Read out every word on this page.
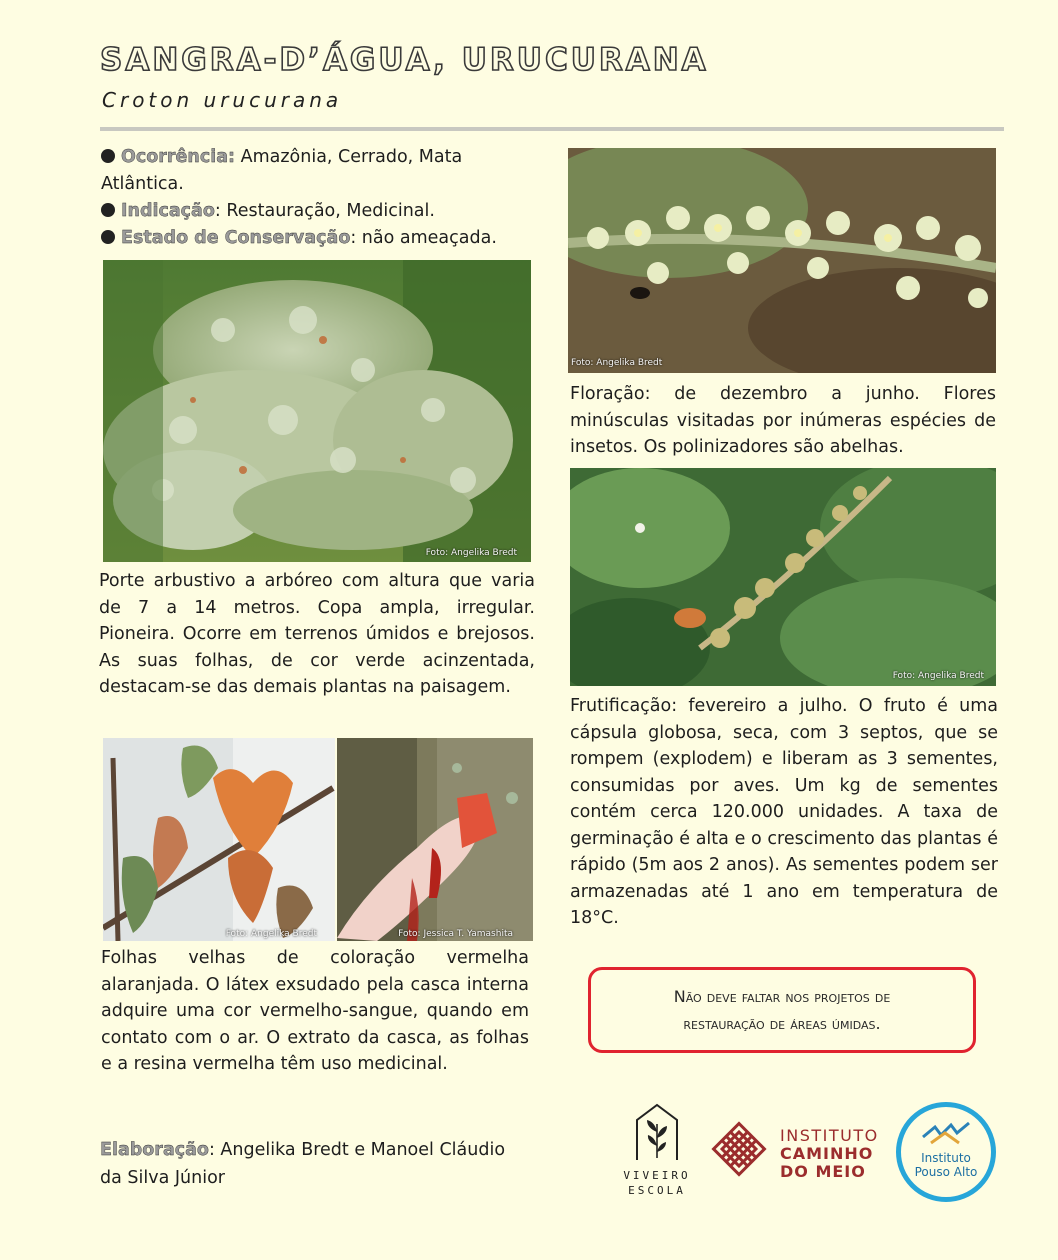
SANGRA-D’ÁGUA, URUCURANA
Croton urucurana
Ocorrência: Amazônia, Cerrado, Mata Atlântica.
Indicação: Restauração, Medicinal.
Estado de Conservação: não ameaçada.
Foto: Angelika Bredt
Porte arbustivo a arbóreo com altura que varia de 7 a 14 metros. Copa ampla, irregular. Pioneira. Ocorre em terrenos úmidos e brejosos. As suas folhas, de cor verde acinzentada, destacam-se das demais plantas na paisagem.
Foto: Angelika Bredt	Foto: Jessica T. Yamashita
Folhas velhas de coloração vermelha alaranjada. O látex exsudado pela casca interna adquire uma cor vermelho-sangue, quando em contato com o ar. O extrato da casca, as folhas e a resina vermelha têm uso medicinal.
Foto: Angelika Bredt
Floração: de dezembro a junho. Flores minúsculas visitadas por inúmeras espécies de insetos. Os polinizadores são abelhas.
Foto: Angelika Bredt
Frutificação: fevereiro a julho. O fruto é uma cápsula globosa, seca, com 3 septos, que se rompem (explodem) e liberam as 3 sementes, consumidas por aves. Um kg de sementes contém cerca 120.000 unidades. A taxa de germinação é alta e o crescimento das plantas é rápido (5m aos 2 anos). As sementes podem ser armazenadas até 1 ano em temperatura de 18°C.
Não deve faltar nos projetos de
restauração de áreas úmidas.
Elaboração: Angelika Bredt e Manoel Cláudio da Silva Júnior	VIVEIRO
ESCOLA
INSTITUTO
CAMINHO
DO MEIO
Instituto
Pouso Alto
